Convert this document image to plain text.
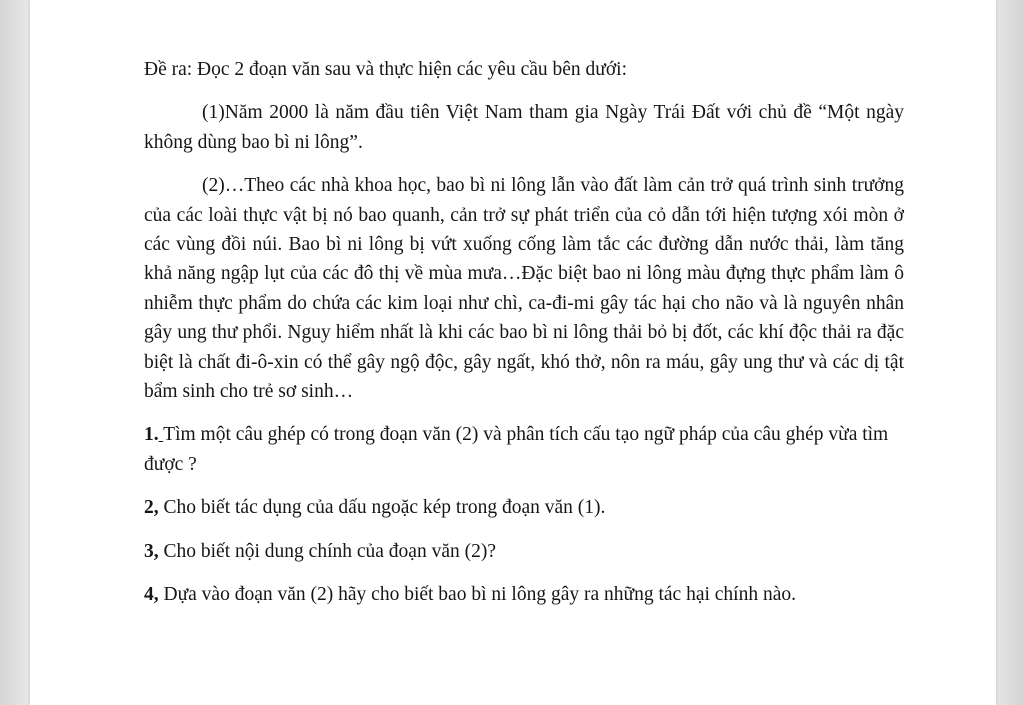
Đề ra: Đọc 2 đoạn văn sau và thực hiện các yêu cầu bên dưới:

(1)Năm 2000 là năm đầu tiên Việt Nam tham gia Ngày Trái Đất với chủ đề “Một ngày không dùng bao bì ni lông”.

(2)…Theo các nhà khoa học, bao bì ni lông lẫn vào đất làm cản trở quá trình sinh trưởng của các loài thực vật bị nó bao quanh, cản trở sự phát triển của cỏ dẫn tới hiện tượng xói mòn ở các vùng đồi núi. Bao bì ni lông bị vứt xuống cống làm tắc các đường dẫn nước thải, làm tăng khả năng ngập lụt của các đô thị về mùa mưa…Đặc biệt bao ni lông màu đựng thực phẩm làm ô nhiễm thực phẩm do chứa các kim loại như chì, ca-đi-mi gây tác hại cho não và là nguyên nhân gây ung thư phổi. Nguy hiểm nhất là khi các bao bì ni lông thải bỏ bị đốt, các khí độc thải ra đặc biệt là chất đi-ô-xin có thể gây ngộ độc, gây ngất, khó thở, nôn ra máu, gây ung thư và các dị tật bẩm sinh cho trẻ sơ sinh…

1. Tìm một câu ghép có trong đoạn văn (2) và phân tích cấu tạo ngữ pháp của câu ghép vừa tìm được ?

2, Cho biết tác dụng của dấu ngoặc kép trong đoạn văn (1).

3, Cho biết nội dung chính của đoạn văn (2)?

4, Dựa vào đoạn văn (2) hãy cho biết bao bì ni lông gây ra những tác hại chính nào.
